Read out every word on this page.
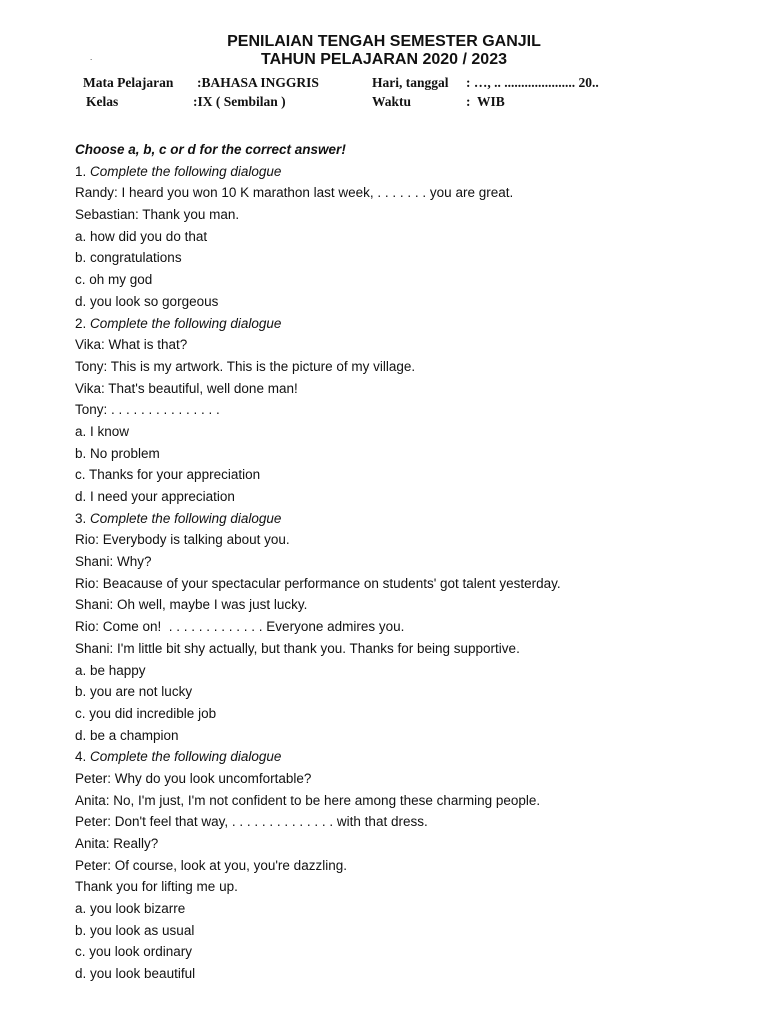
PENILAIAN TENGAH SEMESTER GANJIL
TAHUN PELAJARAN 2020 / 2023
.
Mata Pelajaran :BAHASA INGGRIS	Hari, tanggal : …, .. ..................... 20..
Kelas	:IX ( Sembilan )	Waktu	:  WIB
Choose a, b, c or d for the correct answer!
1. Complete the following dialogue
Randy: I heard you won 10 K marathon last week, . . . . . . . you are great.
Sebastian: Thank you man.
a. how did you do that
b. congratulations
c. oh my god
d. you look so gorgeous
2. Complete the following dialogue
Vika: What is that?
Tony: This is my artwork. This is the picture of my village.
Vika: That's beautiful, well done man!
Tony: . . . . . . . . . . . . . . .
a. I know
b. No problem
c. Thanks for your appreciation
d. I need your appreciation
3. Complete the following dialogue
Rio: Everybody is talking about you.
Shani: Why?
Rio: Beacause of your spectacular performance on students' got talent yesterday.
Shani: Oh well, maybe I was just lucky.
Rio: Come on!  . . . . . . . . . . . . . Everyone admires you.
Shani: I'm little bit shy actually, but thank you. Thanks for being supportive.
a. be happy
b. you are not lucky
c. you did incredible job
d. be a champion
4. Complete the following dialogue
Peter: Why do you look uncomfortable?
Anita: No, I'm just, I'm not confident to be here among these charming people.
Peter: Don't feel that way, . . . . . . . . . . . . . . with that dress.
Anita: Really?
Peter: Of course, look at you, you're dazzling.
Thank you for lifting me up.
a. you look bizarre
b. you look as usual
c. you look ordinary
d. you look beautiful
